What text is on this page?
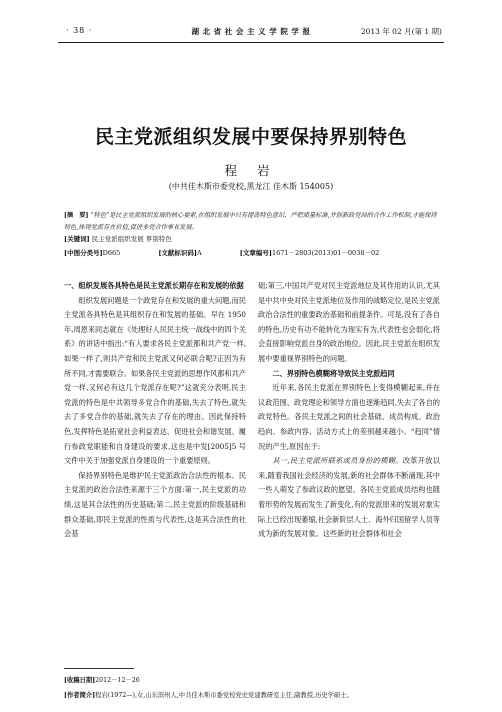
· 38 ·	湖 北 省 社 会 主 义 学 院 学 报	2013 年 02 月(第 1 期)
民主党派组织发展中要保持界别特色
程 岩
(中共佳木斯市委党校,黑龙江 佳木斯 154005)
[摘　要] “特色”是民主党派组织发展的核心要素,在组织发展中只有提高特色意识、严把质量标准,并创新政党间的合作工作机制,才能保持特色,体现党派存在价值,促进多党合作事业发展。
[关键词] 民主党派组织发展 界别特色
[中图分类号]D665	[文献标识码]A	[文章编号]1671－2803(2013)01－0038－02
一、组织发展各具特色是民主党派长期存在和发展的依据

组织发展问题是一个政党存在和发展的重大问题,而民主党派各具特色是其组织存在和发展的基础。早在 1950 年,周恩来同志就在《处理好人民民主统一战线中的四个关系》的讲话中指出:“有人要求各民主党派都和共产党一样,如果一样了,则共产党和民主党派又何必联合呢?正因为有所不同,才需要联合。如果各民主党派的思想作风都和共产党一样,又何必有这几个党派存在呢?”这就充分表明,民主党派的特色是中共领导多党合作的基础,失去了特色,就失去了多党合作的基础,就失去了存在的理由。因此保持特色,发挥特色是拓宽社会利益表达、促进社会和谐发展、履行参政党职能和自身建设的要求,这也是中发[2005]5 号文件中关于加强党派自身建设的一个重要原则。

保持界别特色是维护民主党派政治合法性的根本。民主党派的政治合法性来源于三个方面:第一,民主党派的功绩,这是其合法性的历史基础;第二,民主党派的阶级基础和群众基础,即民主党派的性质与代表性,这是其合法性的社会基

础;第三,中国共产党对民主党派地位及其作用的认识,尤其是中共中央对民主党派地位及作用的战略定位,是民主党派政治合法性的重要政治基础和前提条件。可是,没有了各自的特色,历史有功不能转化为现实有为,代表性也会弱化,将会直接影响党派自身的政治地位。因此,民主党派在组织发展中要重视界别特色的问题。

二、界别特色模糊将导致民主党派趋同

近年来,各民主党派在界别特色上变得模糊起来,并在议政范围、政党理论和领导方面也逐渐趋同,失去了各自的政党特色。各民主党派之间的社会基础、成员构成、政治趋向、参政内容、活动方式上的差别越来越小。“趋同”情况的产生,原因在于:

其一,民主党派所联系成员身份的模糊。改革开放以来,随着我国社会经济的发展,新的社会群体不断涌现,其中一些人萌发了参政议政的愿望。各民主党派成员结构也随着形势的发展而发生了新变化,有的党派原来的发展对象实际上已经出现萎缩,社会新阶层人士、海外归国留学人员等成为新的发展对象。这些新的社会群体和社会

[收稿日期]2012－12－26
[作者简介]程岩(1972—),女,山东滨州人,中共佳木斯市委党校党史党建教研室主任,副教授,历史学硕士。
